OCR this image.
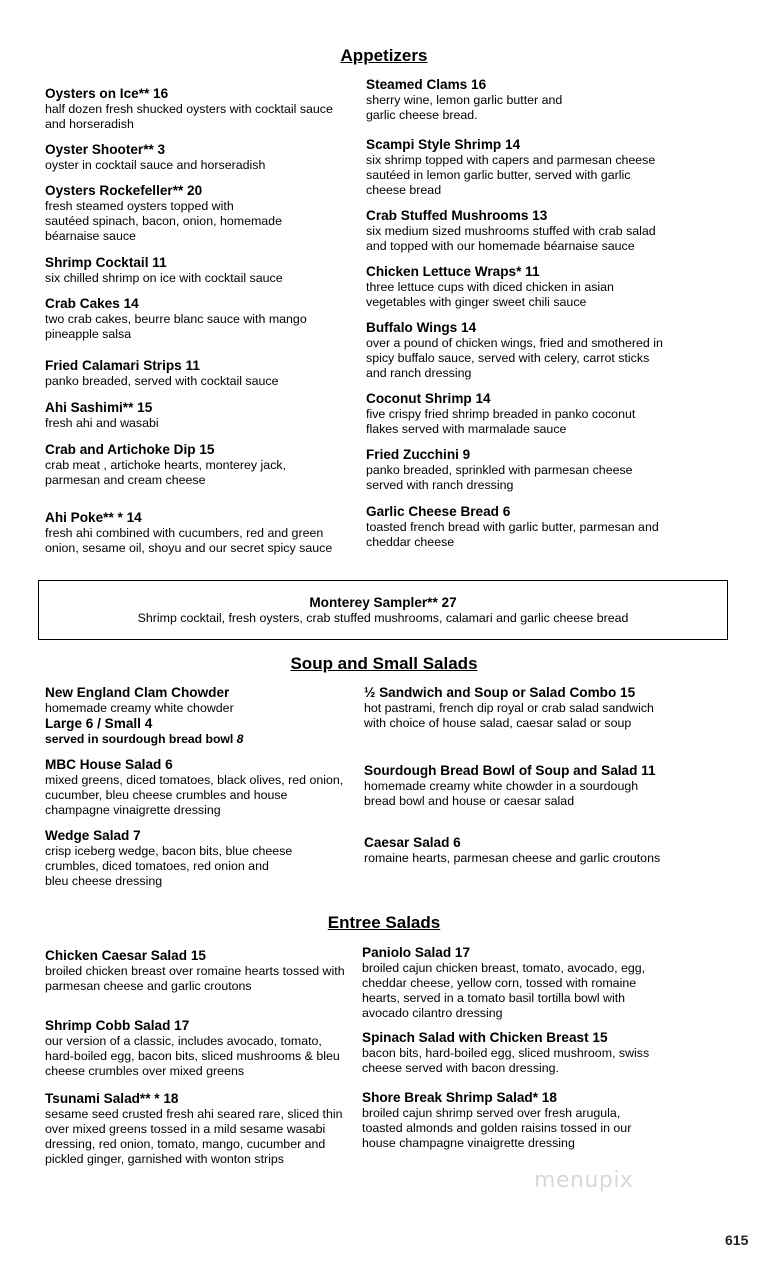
Appetizers
Soup and Small Salads
Entree Salads
Oysters on Ice** 16
half dozen fresh shucked oysters with cocktail sauce
and horseradish
Oyster Shooter** 3
oyster in cocktail sauce and horseradish
Oysters Rockefeller** 20
fresh steamed oysters topped with
sautéed spinach, bacon, onion, homemade
béarnaise sauce
Shrimp Cocktail 11
six chilled shrimp on ice with cocktail sauce
Crab Cakes 14
two crab cakes, beurre blanc sauce with mango
pineapple salsa
Fried Calamari Strips 11
panko breaded, served with cocktail sauce
Ahi Sashimi** 15
fresh ahi and wasabi
Crab and Artichoke Dip 15
crab meat , artichoke hearts, monterey jack,
parmesan and cream cheese
Ahi Poke** * 14
fresh ahi combined with cucumbers, red and green
onion, sesame oil, shoyu and our secret spicy sauce
Steamed Clams 16
sherry wine, lemon garlic butter and
garlic cheese bread.
Scampi Style Shrimp 14
six shrimp topped with capers and parmesan cheese
sautéed in lemon garlic butter, served with garlic
cheese bread
Crab Stuffed Mushrooms 13
six medium sized mushrooms stuffed with crab salad
and topped with our homemade béarnaise sauce
Chicken Lettuce Wraps* 11
three lettuce cups with diced chicken in asian
vegetables with ginger sweet chili sauce
Buffalo Wings 14
over a pound of chicken wings, fried and smothered in
spicy buffalo sauce, served with celery, carrot sticks
and ranch dressing
Coconut Shrimp 14
five crispy fried shrimp breaded in panko coconut
flakes served with marmalade sauce
Fried Zucchini 9
panko breaded, sprinkled with parmesan cheese
served with ranch dressing
Garlic Cheese Bread 6
toasted french bread with garlic butter, parmesan and
cheddar cheese
Monterey Sampler** 27
Shrimp cocktail, fresh oysters, crab stuffed mushrooms, calamari and garlic cheese bread
New England Clam Chowder
homemade creamy white chowder
Large 6 / Small 4
served in sourdough bread bowl 8
MBC House Salad 6
mixed greens, diced tomatoes, black olives, red onion,
cucumber, bleu cheese crumbles and house
champagne vinaigrette dressing
Wedge Salad 7
crisp iceberg wedge, bacon bits, blue cheese
crumbles, diced tomatoes, red onion and
bleu cheese dressing
½ Sandwich and Soup or Salad Combo 15
hot pastrami, french dip royal or crab salad sandwich
with choice of house salad, caesar salad or soup
Sourdough Bread Bowl of Soup and Salad 11
homemade creamy white chowder in a sourdough
bread bowl and house or caesar salad
Caesar Salad 6
romaine hearts, parmesan cheese and garlic croutons
Chicken Caesar Salad 15
broiled chicken breast over romaine hearts tossed with
parmesan cheese and garlic croutons
Shrimp Cobb Salad 17
our version of a classic, includes avocado, tomato,
hard-boiled egg, bacon bits, sliced mushrooms & bleu
cheese crumbles over mixed greens
Tsunami Salad** * 18
sesame seed crusted fresh ahi seared rare, sliced thin
over mixed greens tossed in a mild sesame wasabi
dressing, red onion, tomato, mango, cucumber and
pickled ginger, garnished with wonton strips
Paniolo Salad 17
broiled cajun chicken breast, tomato, avocado, egg,
cheddar cheese, yellow corn, tossed with romaine
hearts, served in a tomato basil tortilla bowl with
avocado cilantro dressing
Spinach Salad with Chicken Breast 15
bacon bits, hard-boiled egg, sliced mushroom, swiss
cheese served with bacon dressing.
Shore Break Shrimp Salad* 18
broiled cajun shrimp served over fresh arugula,
toasted almonds and golden raisins tossed in our
house champagne vinaigrette dressing
menupix
615
